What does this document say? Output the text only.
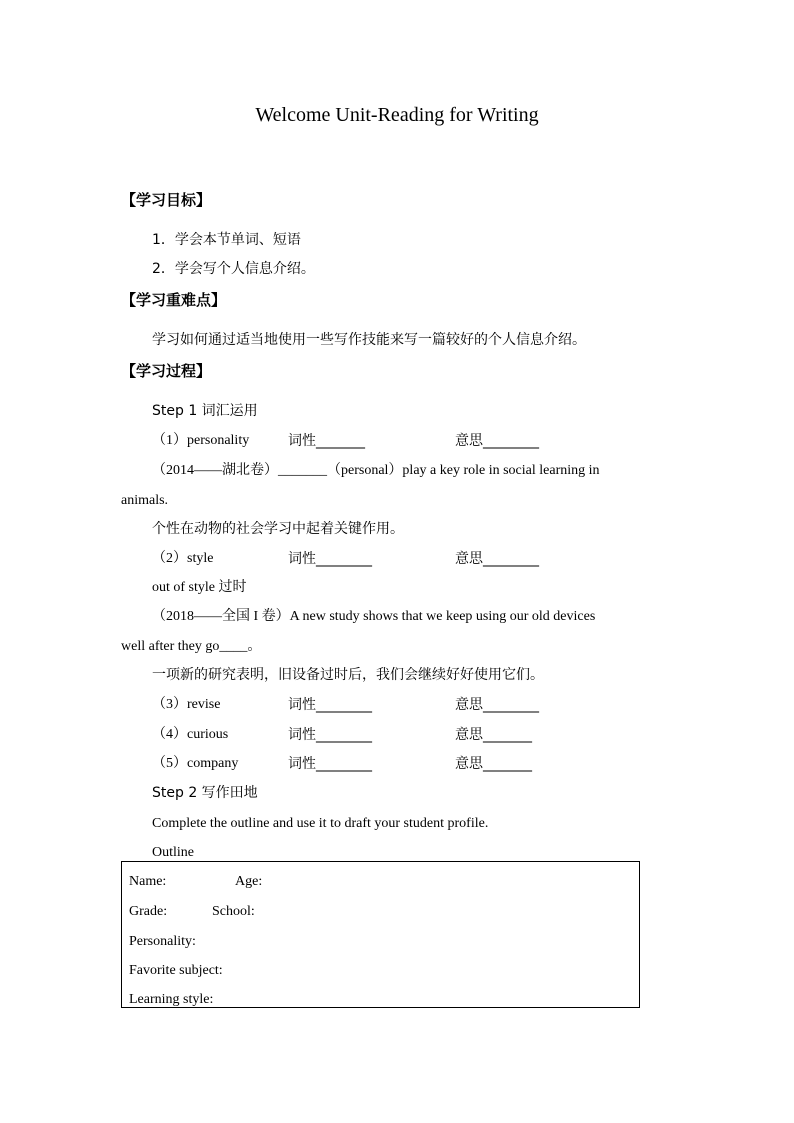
Welcome Unit-Reading for Writing
【学习目标】
1．学会本节单词、短语
2．学会写个人信息介绍。
【学习重难点】
学习如何通过适当地使用一些写作技能来写一篇较好的个人信息介绍。
【学习过程】
Step 1 词汇运用
（1）personality	词性_______	意思________
（2014——湖北卷）_______（personal）play a key role in social learning in
animals.
个性在动物的社会学习中起着关键作用。
（2）style	词性________	意思________
out of style 过时
（2018——全国 I 卷）A new study shows that we keep using our old devices
well after they go____。
一项新的研究表明，旧设备过时后，我们会继续好好使用它们。
（3）revise	词性________	意思________
（4）curious	词性________	意思_______
（5）company	词性________	意思_______
Step 2 写作田地
Complete the outline and use it to draft your student profile.
Outline
Name:	Age:
Grade:	School:
Personality:
Favorite subject:
Learning style:
